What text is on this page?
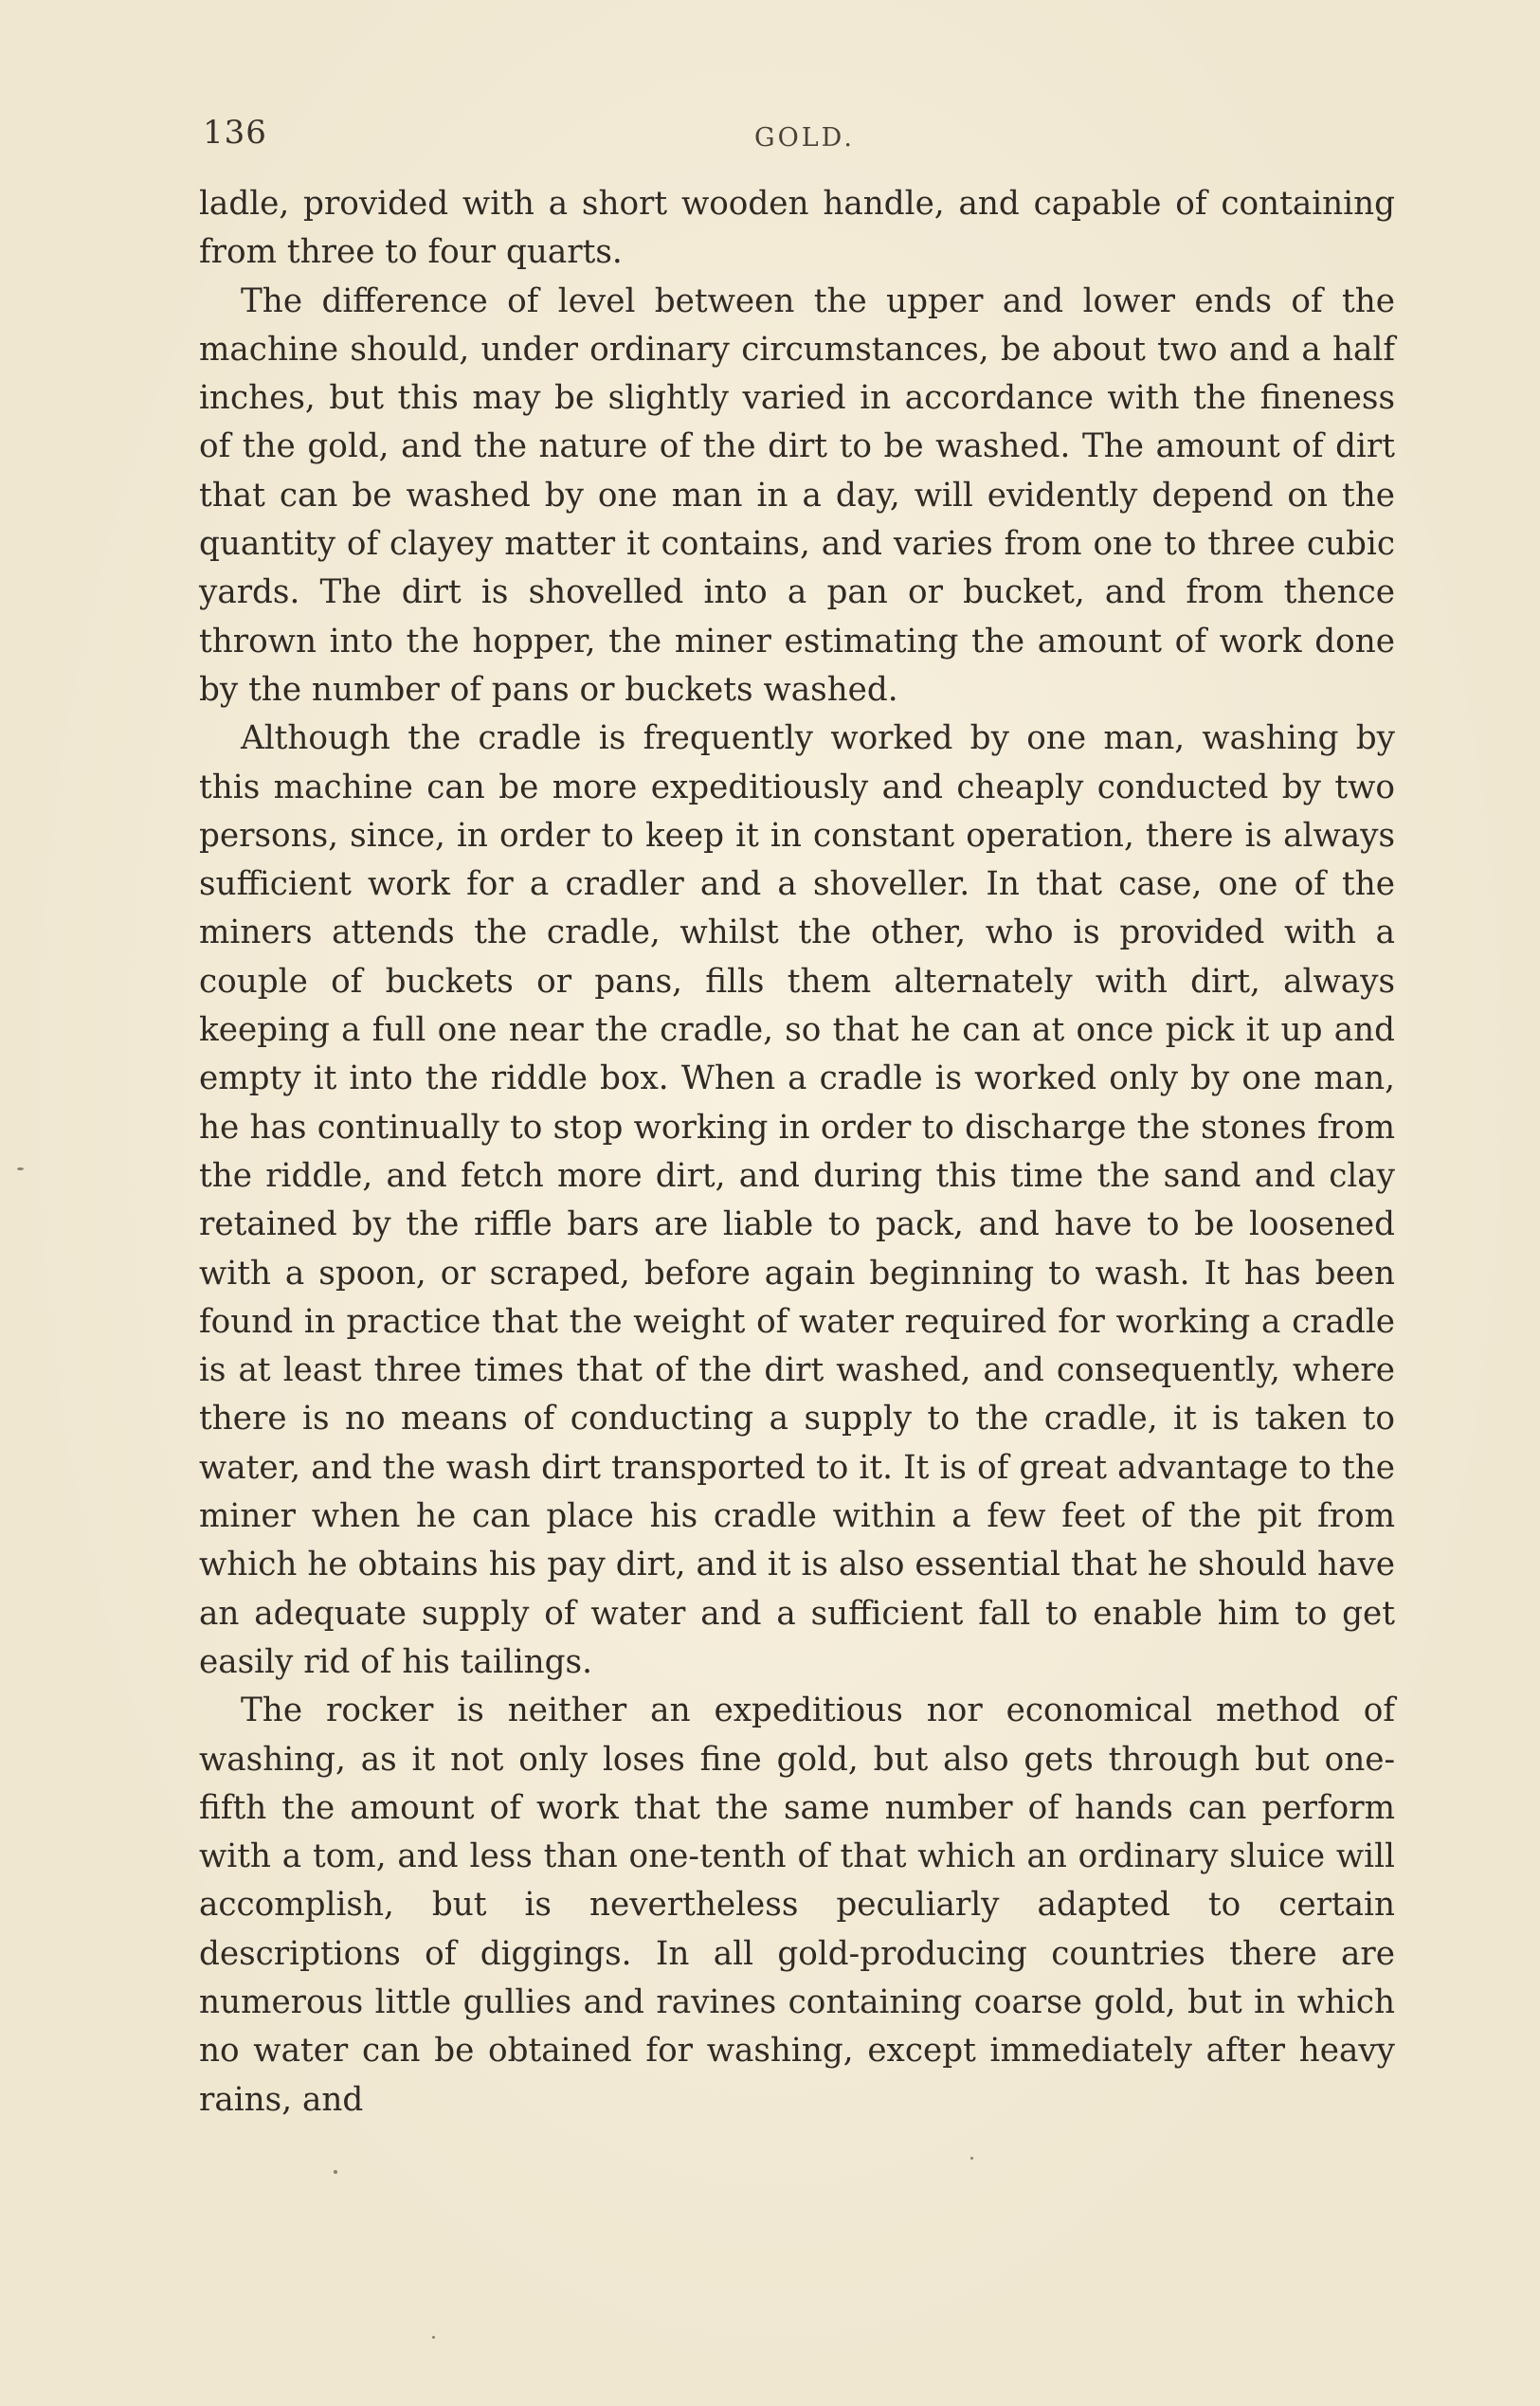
136	GOLD.

ladle, provided with a short wooden handle, and capable of containing from three to four quarts.

The difference of level between the upper and lower ends of the machine should, under ordinary circumstances, be about two and a half inches, but this may be slightly varied in accordance with the fineness of the gold, and the nature of the dirt to be washed. The amount of dirt that can be washed by one man in a day, will evidently depend on the quantity of clayey matter it contains, and varies from one to three cubic yards. The dirt is shovelled into a pan or bucket, and from thence thrown into the hopper, the miner estimating the amount of work done by the number of pans or buckets washed.

Although the cradle is frequently worked by one man, washing by this machine can be more expeditiously and cheaply conducted by two persons, since, in order to keep it in constant operation, there is always sufficient work for a cradler and a shoveller. In that case, one of the miners attends the cradle, whilst the other, who is provided with a couple of buckets or pans, fills them alternately with dirt, always keeping a full one near the cradle, so that he can at once pick it up and empty it into the riddle box. When a cradle is worked only by one man, he has continually to stop working in order to discharge the stones from the riddle, and fetch more dirt, and during this time the sand and clay retained by the riffle bars are liable to pack, and have to be loosened with a spoon, or scraped, before again beginning to wash. It has been found in practice that the weight of water required for working a cradle is at least three times that of the dirt washed, and consequently, where there is no means of conducting a supply to the cradle, it is taken to water, and the wash dirt transported to it. It is of great advantage to the miner when he can place his cradle within a few feet of the pit from which he obtains his pay dirt, and it is also essential that he should have an adequate supply of water and a sufficient fall to enable him to get easily rid of his tailings.

The rocker is neither an expeditious nor economical method of washing, as it not only loses fine gold, but also gets through but one-fifth the amount of work that the same number of hands can perform with a tom, and less than one-tenth of that which an ordinary sluice will accomplish, but is nevertheless peculiarly adapted to certain descriptions of diggings. In all gold-producing countries there are numerous little gullies and ravines containing coarse gold, but in which no water can be obtained for washing, except immediately after heavy rains, and
